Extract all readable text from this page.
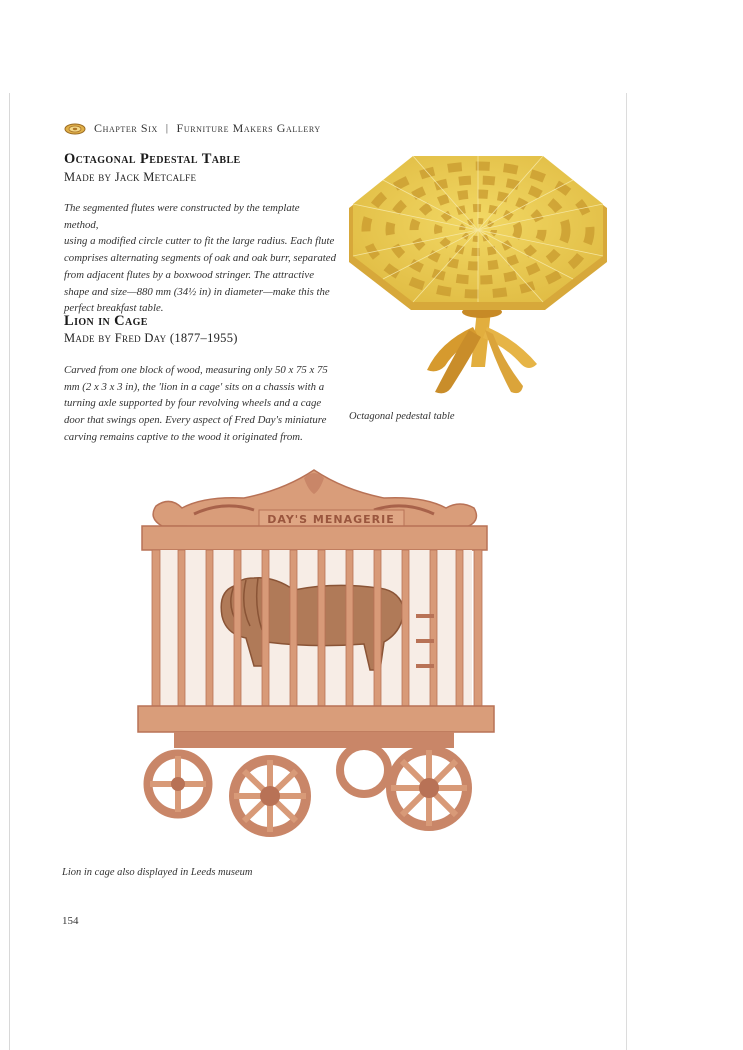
Chapter Six | Furniture Makers Gallery
Octagonal Pedestal Table

Made by Jack Metcalfe

The segmented flutes were constructed by the template method,
using a modified circle cutter to fit the large radius. Each flute
comprises alternating segments of oak and oak burr, separated
from adjacent flutes by a boxwood stringer. The attractive
shape and size—880 mm (34½ in) in diameter—make this the
perfect breakfast table.
Lion in Cage

Made by Fred Day (1877–1955)

Carved from one block of wood, measuring only 50 x 75 x 75
mm (2 x 3 x 3 in), the 'lion in a cage' sits on a chassis with a
turning axle supported by four revolving wheels and a cage
door that swings open. Every aspect of Fred Day's miniature
carving remains captive to the wood it originated from.

Octagonal pedestal table

DAY'S MENAGERIE

Lion in cage also displayed in Leeds museum

154
